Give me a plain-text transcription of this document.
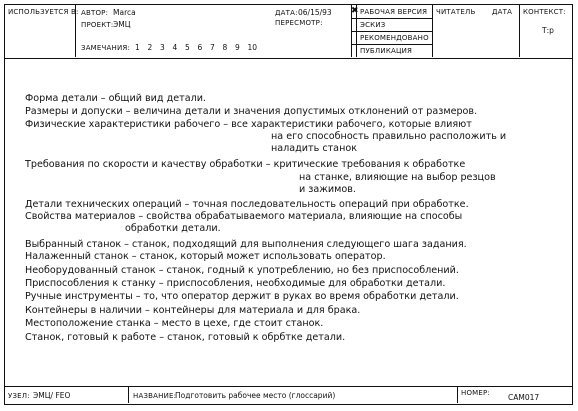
ИСПОЛЬЗУЕТСЯ В: АВТОР: Marca
ПРОЕКТ: ЭМЦ
ЗАМЕЧАНИЯ: 1 2 3 4 5 6 7 8 9 10
ДАТА: 06/15/93
ПЕРЕСМОТР:
✖ РАБОЧАЯ ВЕРСИЯ
ЭСКИЗ
РЕКОМЕНДОВАНО
ПУБЛИКАЦИЯ
ЧИТАТЕЛЬ ДАТА КОНТЕКСТ:
Т:р
Форма детали – общий вид детали.
Размеры и допуски – величина детали и значения допустимых отклонений от размеров.
Физические характеристики рабочего – все характеристики рабочего, которые влияют
на его способность правильно расположить и
наладить станок
Требования по скорости и качеству обработки – критические требования к обработке
на станке, влияющие на выбор резцов
и зажимов.
Детали технических операций – точная последовательность операций при обработке.
Свойства материалов – свойства обрабатываемого материала, влияющие на способы
обработки детали.
Выбранный станок – станок, подходящий для выполнения следующего шага задания.
Налаженный станок – станок, который может использовать оператор.
Необорудованный станок – станок, годный к употреблению, но без приспособлений.
Приспособления к станку – приспособления, необходимые для обработки детали.
Ручные инструменты – то, что оператор держит в руках во время обработки детали.
Контейнеры в наличии – контейнеры для материала и для брака.
Местоположение станка – место в цехе, где стоит станок.
Станок, готовый к работе – станок, готовый к обрбтке детали.
УЗЕЛ: ЭМЦ/ FEO	НАЗВАНИЕ:
Подготовить рабочее место (глоссарий)	НОМЕР: САМ017
